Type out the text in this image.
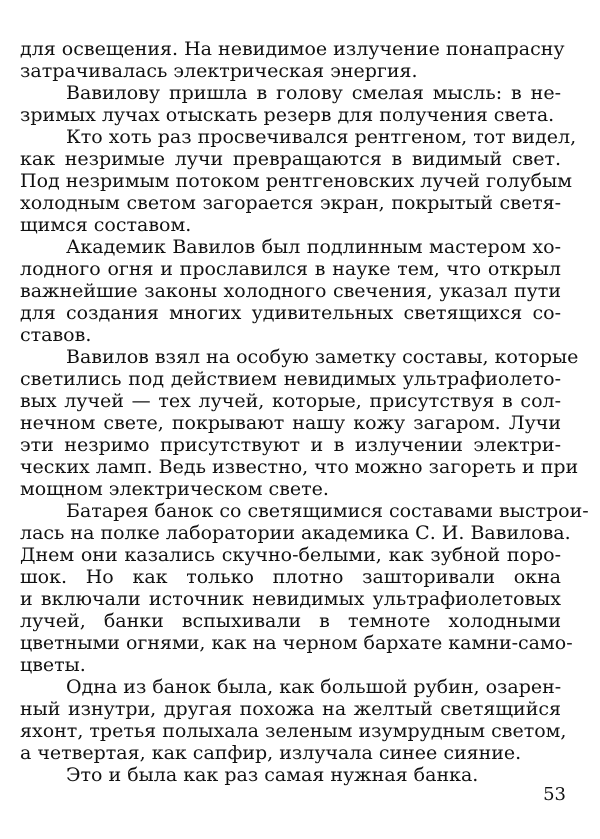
для освещения. На невидимое излучение понапрасну
затрачивалась электрическая энергия.
Вавилову пришла в голову смелая мысль: в не-
зримых лучах отыскать резерв для получения света.
Кто хоть раз просвечивался рентгеном, тот видел,
как незримые лучи превращаются в видимый свет.
Под незримым потоком рентгеновских лучей голубым
холодным светом загорается экран, покрытый светя-
щимся составом.
Академик Вавилов был подлинным мастером хо-
лодного огня и прославился в науке тем, что открыл
важнейшие законы холодного свечения, указал пути
для создания многих удивительных светящихся со-
ставов.
Вавилов взял на особую заметку составы, которые
светились под действием невидимых ультрафиолето-
вых лучей — тех лучей, которые, присутствуя в сол-
нечном свете, покрывают нашу кожу загаром. Лучи
эти незримо присутствуют и в излучении электри-
ческих ламп. Ведь известно, что можно загореть и при
мощном электрическом свете.
Батарея банок со светящимися составами выстрои-
лась на полке лаборатории академика С. И. Вавилова.
Днем они казались скучно-белыми, как зубной поро-
шок. Но как только плотно зашторивали окна
и включали источник невидимых ультрафиолетовых
лучей, банки вспыхивали в темноте холодными
цветными огнями, как на черном бархате камни-само-
цветы.
Одна из банок была, как большой рубин, озарен-
ный изнутри, другая похожа на желтый светящийся
яхонт, третья полыхала зеленым изумрудным светом,
а четвертая, как сапфир, излучала синее сияние.
Это и была как раз самая нужная банка.
53
